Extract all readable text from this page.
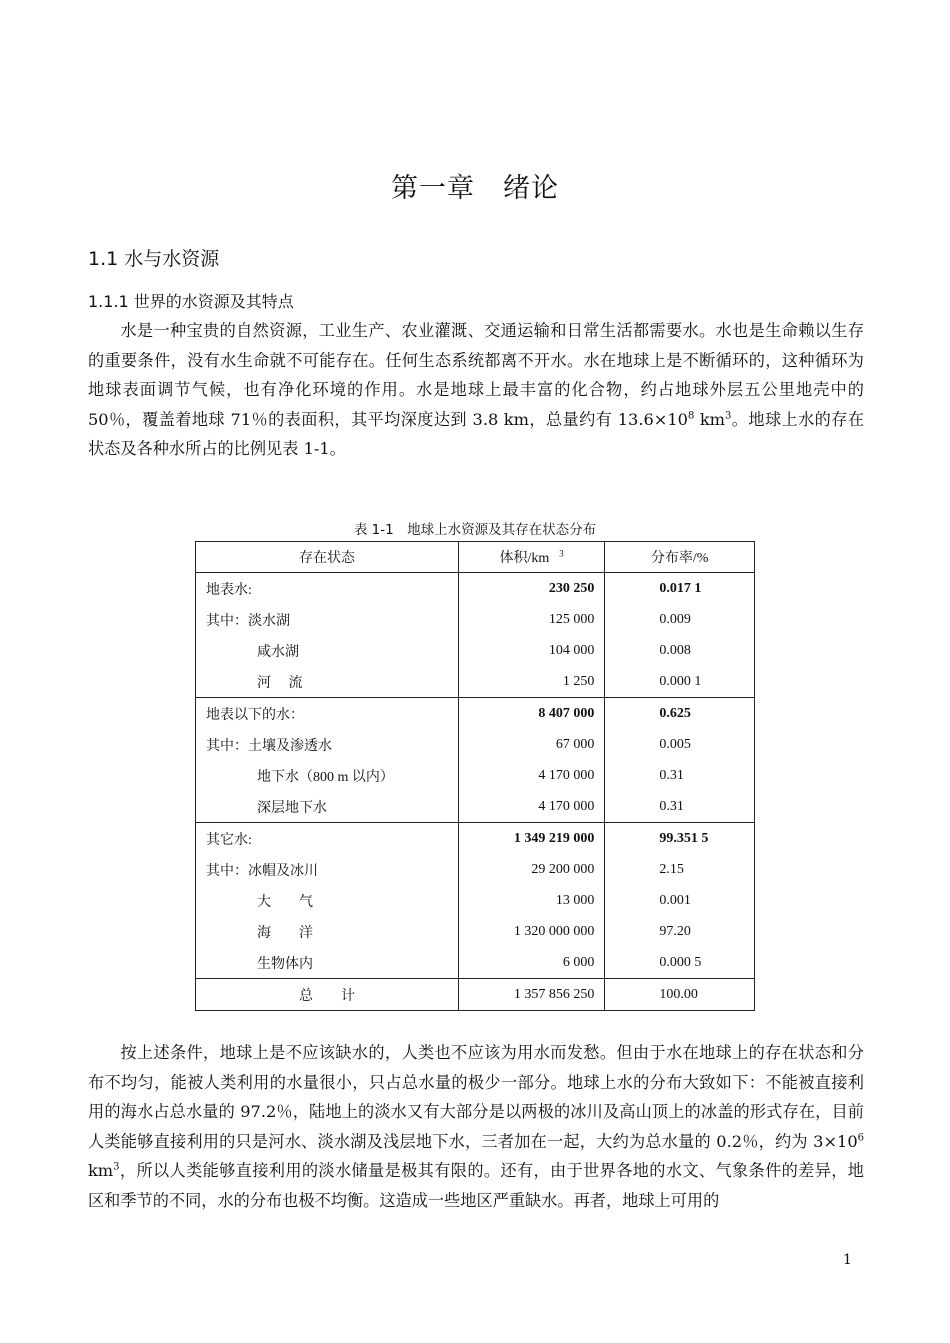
第一章　绪论
1.1 水与水资源
1.1.1 世界的水资源及其特点

水是一种宝贵的自然资源，工业生产、农业灌溉、交通运输和日常生活都需要水。水也是生命赖以生存的重要条件，没有水生命就不可能存在。任何生态系统都离不开水。水在地球上是不断循环的，这种循环为地球表面调节气候，也有净化环境的作用。水是地球上最丰富的化合物，约占地球外层五公里地壳中的 50％，覆盖着地球 71％的表面积，其平均深度达到 3.8 km，总量约有 $13.6\times 10^8$ $km^3$。地球上水的存在状态及各种水所占的比例见表 1-1。

表 1-1　地球上水资源及其存在状态分布
存在状态	体积/km $^3$	分布率/%
地表水:	230 250	0.017 1
其中：淡水湖	125 000	0.009
咸水湖	104 000	0.008
河　 流	1 250	0.000 1
地表以下的水：	8 407 000	0.625
其中：土壤及渗透水	67 000	0.005
地下水（800 m 以内）	4 170 000	0.31
深层地下水	4 170 000	0.31
其它水:	1 349 219 000	99.351 5
其中：冰帽及冰川	29 200 000	2.15
大　　气	13 000	0.001
海　　洋	1 320 000 000	97.20
生物体内	6 000	0.000 5
总　　计	1 357 856 250	100.00

按上述条件，地球上是不应该缺水的，人类也不应该为用水而发愁。但由于水在地球上的存在状态和分布不均匀，能被人类利用的水量很小，只占总水量的极少一部分。地球上水的分布大致如下：不能被直接利用的海水占总水量的 97.2％，陆地上的淡水又有大部分是以两极的冰川及高山顶上的冰盖的形式存在，目前人类能够直接利用的只是河水、淡水湖及浅层地下水，三者加在一起，大约为总水量的 0.2％，约为 $3\times 10^6$ $km^3$，所以人类能够直接利用的淡水储量是极其有限的。还有，由于世界各地的水文、气象条件的差异，地区和季节的不同，水的分布也极不均衡。这造成一些地区严重缺水。再者，地球上可用的

1
